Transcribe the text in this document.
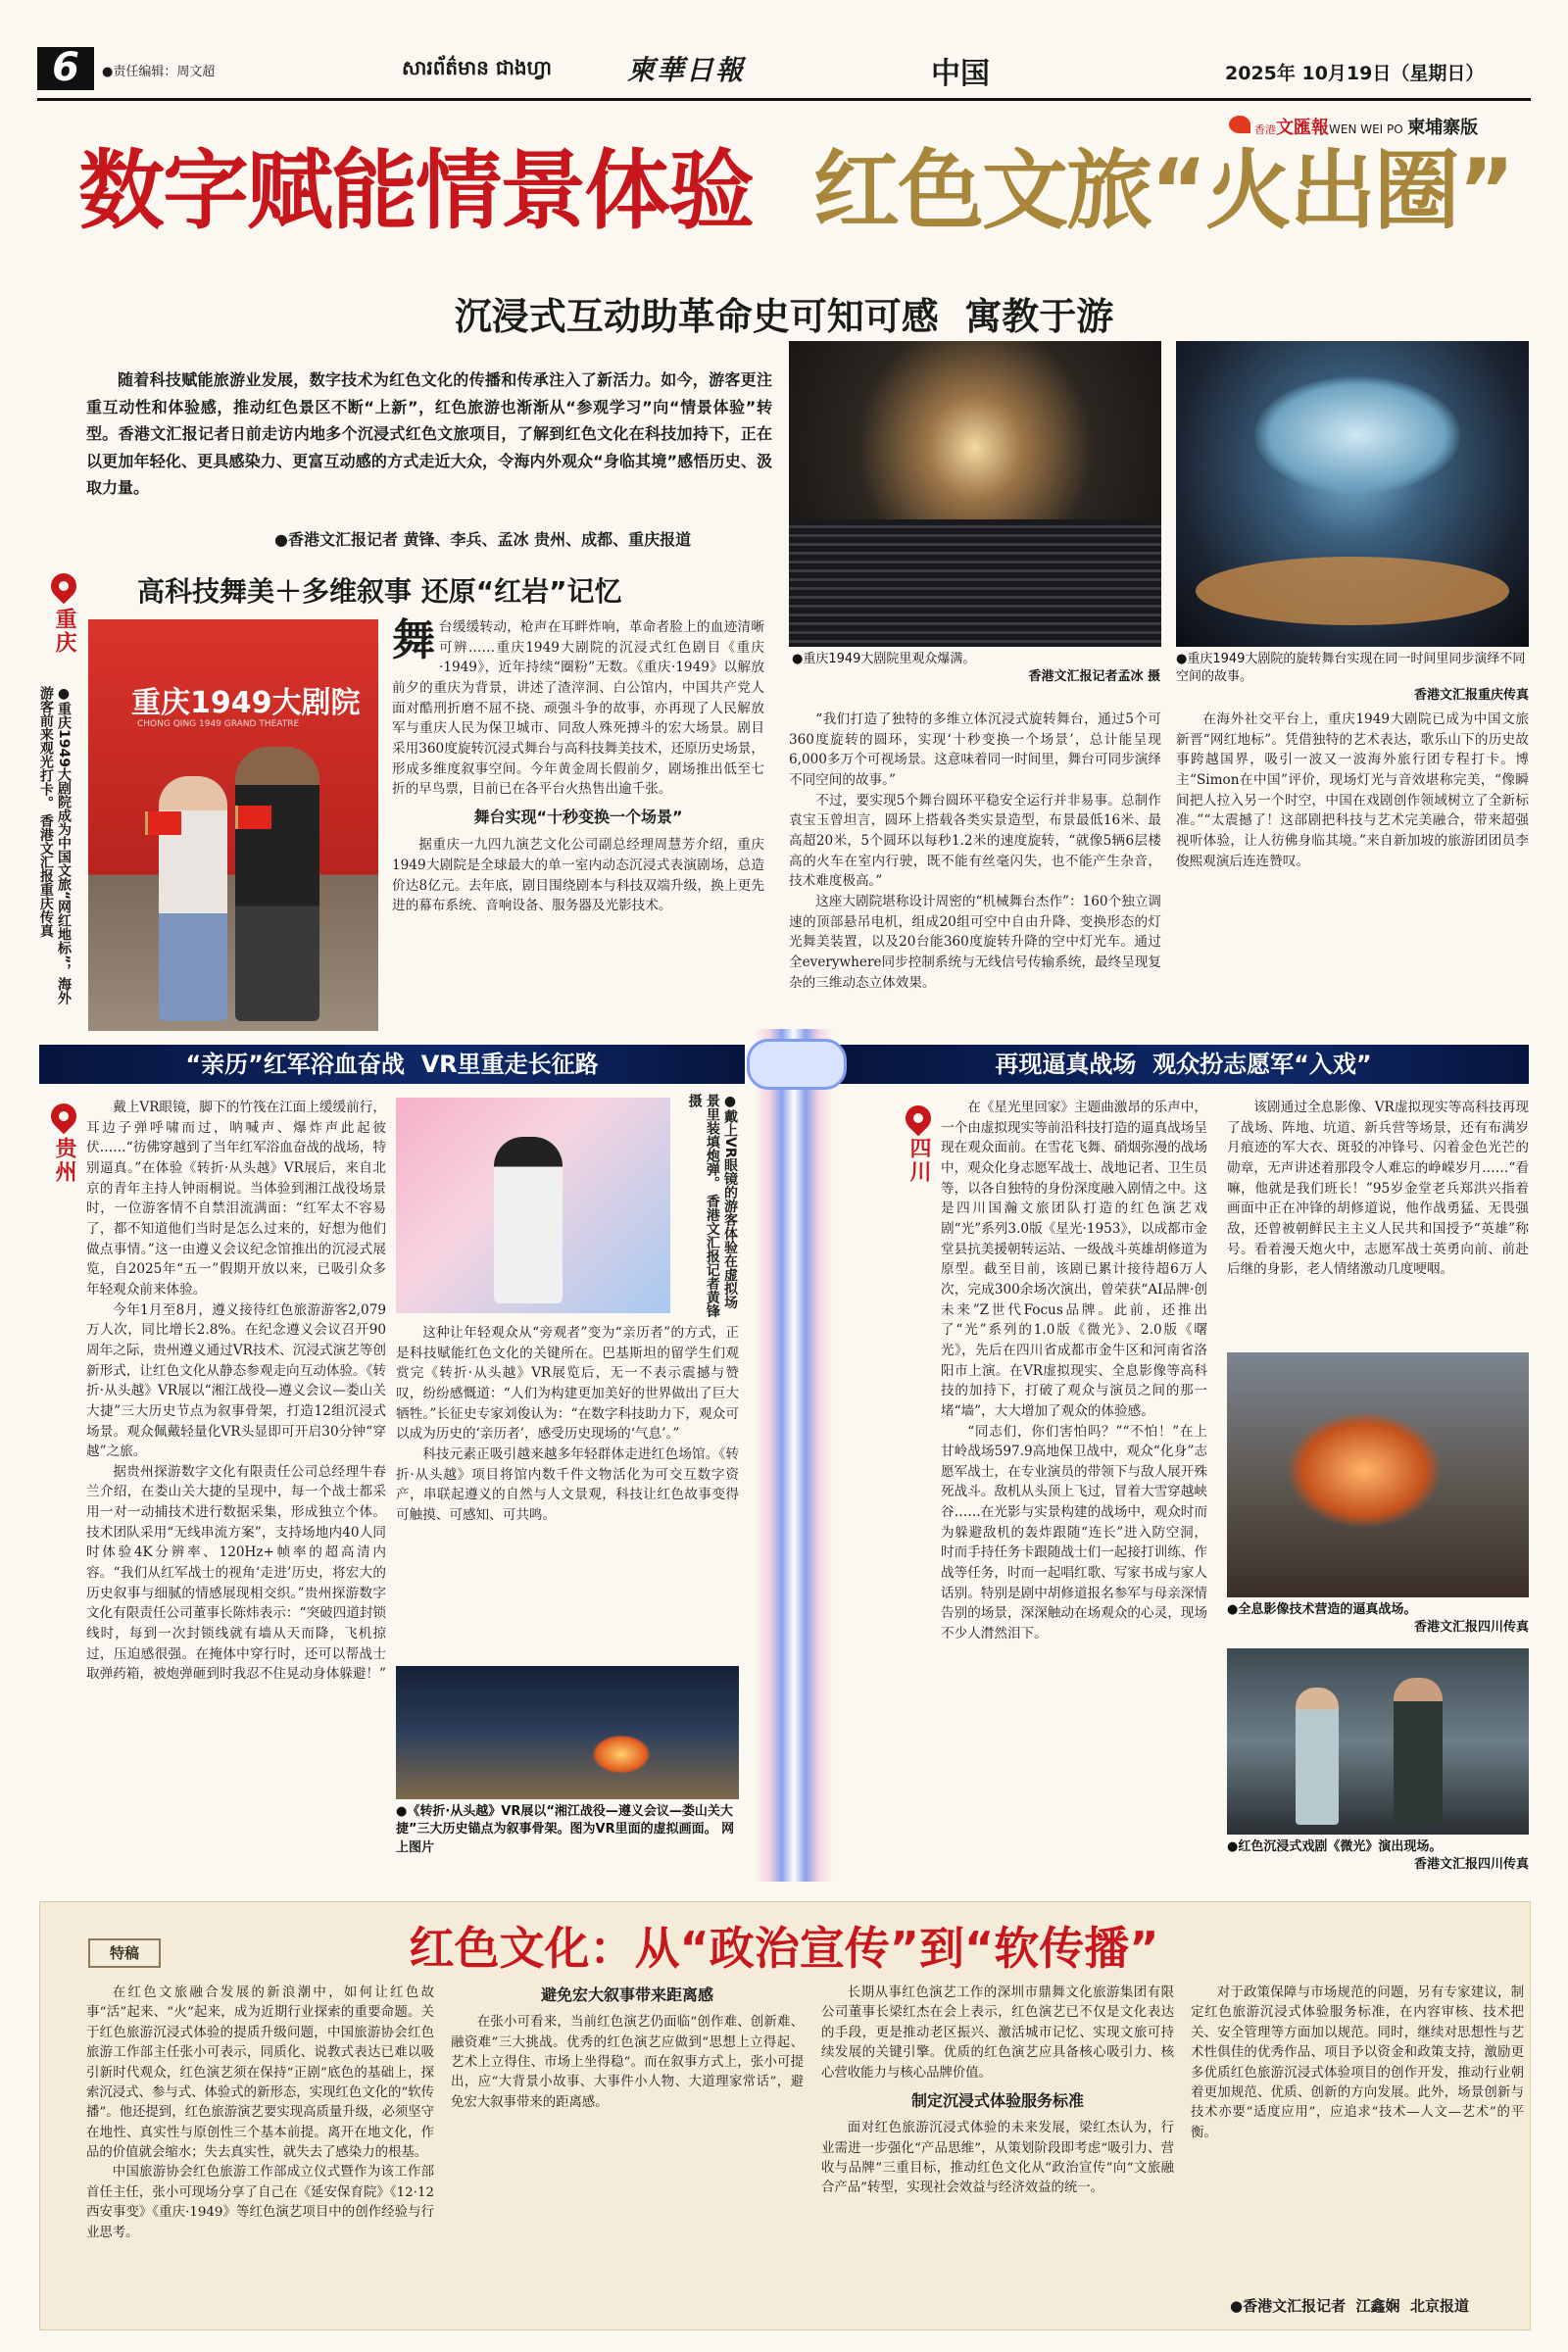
6	●责任编辑：周文超	សារព័ត៌មាន ជាងហ្វា	柬華日報	中国	2025年 10月19日（星期日）
香港文匯報WEN WEI PO 柬埔寨版
数字赋能情景体验 红色文旅“火出圈”
沉浸式互动助革命史可知可感  寓教于游
随着科技赋能旅游业发展，数字技术为红色文化的传播和传承注入了新活力。如今，游客更注重互动性和体验感，推动红色景区不断“上新”，红色旅游也渐渐从“参观学习”向“情景体验”转型。香港文汇报记者日前走访内地多个沉浸式红色文旅项目，了解到红色文化在科技加持下，正在以更加年轻化、更具感染力、更富互动感的方式走近大众，令海内外观众“身临其境”感悟历史、汲取力量。
●香港文汇报记者 黄锋、李兵、孟冰 贵州、成都、重庆报道
重庆
高科技舞美＋多维叙事 还原“红岩”记忆
重庆1949大剧院
CHONG QING 1949 GRAND THEATRE
●重庆1949大剧院成为中国文旅“网红地标”，海外游客前来观光打卡。 香港文汇报重庆传真

舞台缓缓转动，枪声在耳畔炸响，革命者脸上的血迹清晰可辨……重庆1949大剧院的沉浸式红色剧目《重庆·1949》，近年持续“圈粉”无数。《重庆·1949》以解放前夕的重庆为背景，讲述了渣滓洞、白公馆内，中国共产党人面对酷刑折磨不屈不挠、顽强斗争的故事，亦再现了人民解放军与重庆人民为保卫城市、同敌人殊死搏斗的宏大场景。剧目采用360度旋转沉浸式舞台与高科技舞美技术，还原历史场景，形成多维度叙事空间。今年黄金周长假前夕，剧场推出低至七折的早鸟票，目前已在各平台火热售出逾千张。

舞台实现“十秒变换一个场景”

据重庆一九四九演艺文化公司副总经理周慧芳介绍，重庆1949大剧院是全球最大的单一室内动态沉浸式表演剧场，总造价达8亿元。去年底，剧目围绕剧本与科技双端升级，换上更先进的幕布系统、音响设备、服务器及光影技术。

●重庆1949大剧院里观众爆满。
香港文汇报记者孟冰 摄
●重庆1949大剧院的旋转舞台实现在同一时间里同步演绎不同空间的故事。
香港文汇报重庆传真

“我们打造了独特的多维立体沉浸式旋转舞台，通过5个可360度旋转的圆环，实现‘十秒变换一个场景’，总计能呈现6,000多万个可视场景。这意味着同一时间里，舞台可同步演绎不同空间的故事。”

不过，要实现5个舞台圆环平稳安全运行并非易事。总制作袁宝玉曾坦言，圆环上搭载各类实景造型，布景最低16米、最高超20米，5个圆环以每秒1.2米的速度旋转，“就像5辆6层楼高的火车在室内行驶，既不能有丝毫闪失，也不能产生杂音，技术难度极高。”

这座大剧院堪称设计周密的“机械舞台杰作”：160个独立调速的顶部悬吊电机，组成20组可空中自由升降、变换形态的灯光舞美装置，以及20台能360度旋转升降的空中灯光车。通过全everywhere同步控制系统与无线信号传输系统，最终呈现复杂的三维动态立体效果。

在海外社交平台上，重庆1949大剧院已成为中国文旅新晋“网红地标”。凭借独特的艺术表达，歌乐山下的历史故事跨越国界，吸引一波又一波海外旅行团专程打卡。博主“Simon在中国”评价，现场灯光与音效堪称完美，“像瞬间把人拉入另一个时空，中国在戏剧创作领域树立了全新标准。”“太震撼了！这部剧把科技与艺术完美融合，带来超强视听体验，让人彷佛身临其境。”来自新加坡的旅游团团员李俊熙观演后连连赞叹。

“亲历”红军浴血奋战  VR里重走长征路	再现逼真战场  观众扮志愿军“入戏”
贵州

戴上VR眼镜，脚下的竹筏在江面上缓缓前行，耳边子弹呼啸而过，呐喊声、爆炸声此起彼伏……“彷佛穿越到了当年红军浴血奋战的战场，特别逼真。”在体验《转折·从头越》VR展后，来自北京的青年主持人钟雨桐说。当体验到湘江战役场景时，一位游客情不自禁泪流满面：“红军太不容易了，都不知道他们当时是怎么过来的，好想为他们做点事情。”这一由遵义会议纪念馆推出的沉浸式展览，自2025年“五一”假期开放以来，已吸引众多年轻观众前来体验。

今年1月至8月，遵义接待红色旅游游客2,079万人次，同比增长2.8%。在纪念遵义会议召开90周年之际，贵州遵义通过VR技术、沉浸式演艺等创新形式，让红色文化从静态参观走向互动体验。《转折·从头越》VR展以“湘江战役—遵义会议—娄山关大捷”三大历史节点为叙事骨架，打造12组沉浸式场景。观众佩戴轻量化VR头显即可开启30分钟“穿越”之旅。

据贵州探游数字文化有限责任公司总经理牛春兰介绍，在娄山关大捷的呈现中，每一个战士都采用一对一动捕技术进行数据采集，形成独立个体。技术团队采用“无线串流方案”，支持场地内40人同时体验4K分辨率、120Hz+帧率的超高清内容。“我们从红军战士的视角‘走进’历史，将宏大的历史叙事与细腻的情感展现相交织。”贵州探游数字文化有限责任公司董事长陈炜表示：“突破四道封锁线时，每到一次封锁线就有墙从天而降，飞机掠过，压迫感很强。在掩体中穿行时，还可以帮战士取弹药箱，被炮弹砸到时我忍不住晃动身体躲避！”

●戴上VR眼镜的游客体验在虚拟场景里装填炮弹。 香港文汇报记者黄锋 摄

这种让年轻观众从“旁观者”变为“亲历者”的方式，正是科技赋能红色文化的关键所在。巴基斯坦的留学生们观赏完《转折·从头越》VR展览后，无一不表示震撼与赞叹，纷纷感慨道：“人们为构建更加美好的世界做出了巨大牺牲。”长征史专家刘俊认为：“在数字科技助力下，观众可以成为历史的‘亲历者’，感受历史现场的‘气息’。”

科技元素正吸引越来越多年轻群体走进红色场馆。《转折·从头越》项目将馆内数千件文物活化为可交互数字资产，串联起遵义的自然与人文景观，科技让红色故事变得可触摸、可感知、可共鸣。

●《转折·从头越》VR展以“湘江战役—遵义会议—娄山关大捷”三大历史锚点为叙事骨架。图为VR里面的虚拟画面。 网上图片
四川

在《星光里回家》主题曲激昂的乐声中，一个由虚拟现实等前沿科技打造的逼真战场呈现在观众面前。在雪花飞舞、硝烟弥漫的战场中，观众化身志愿军战士、战地记者、卫生员等，以各自独特的身份深度融入剧情之中。这是四川国瀚文旅团队打造的红色演艺戏剧“光”系列3.0版《星光·1953》，以成都市金堂县抗美援朝转运站、一级战斗英雄胡修道为原型。截至目前，该剧已累计接待超6万人次，完成300余场次演出，曾荣获“AI品牌·创未来”Z世代Focus品牌。此前，还推出了“光”系列的1.0版《微光》、2.0版《曙光》，先后在四川省成都市金牛区和河南省洛阳市上演。在VR虚拟现实、全息影像等高科技的加持下，打破了观众与演员之间的那一堵“墙”，大大增加了观众的体验感。

“同志们，你们害怕吗？”“不怕！”在上甘岭战场597.9高地保卫战中，观众“化身”志愿军战士，在专业演员的带领下与敌人展开殊死战斗。敌机从头顶上飞过，冒着大雪穿越峡谷……在光影与实景构建的战场中，观众时而为躲避敌机的轰炸跟随“连长”进入防空洞，时而手持任务卡跟随战士们一起接打训练、作战等任务，时而一起唱红歌、写家书成与家人话别。特别是剧中胡修道报名参军与母亲深情告别的场景，深深触动在场观众的心灵，现场不少人潸然泪下。

该剧通过全息影像、VR虚拟现实等高科技再现了战场、阵地、坑道、新兵营等场景，还有布满岁月痕迹的军大衣、斑驳的冲锋号、闪着金色光芒的勋章，无声讲述着那段令人难忘的峥嵘岁月……“看嘛，他就是我们班长！”95岁金堂老兵郑洪兴指着画面中正在冲锋的胡修道说，他作战勇猛、无畏强敌，还曾被朝鲜民主主义人民共和国授予“英雄”称号。看着漫天炮火中，志愿军战士英勇向前、前赴后继的身影，老人情绪激动几度哽咽。

●全息影像技术营造的逼真战场。
香港文汇报四川传真
●红色沉浸式戏剧《微光》演出现场。
香港文汇报四川传真
特稿	红色文化：从“政治宣传”到“软传播”

在红色文旅融合发展的新浪潮中，如何让红色故事“活”起来、“火”起来，成为近期行业探索的重要命题。关于红色旅游沉浸式体验的提质升级问题，中国旅游协会红色旅游工作部主任张小可表示，同质化、说教式表达已难以吸引新时代观众，红色演艺须在保持“正剧”底色的基础上，探索沉浸式、参与式、体验式的新形态，实现红色文化的“软传播”。他还提到，红色旅游演艺要实现高质量升级，必须坚守在地性、真实性与原创性三个基本前提。离开在地文化，作品的价值就会缩水；失去真实性，就失去了感染力的根基。

中国旅游协会红色旅游工作部成立仪式暨作为该工作部首任主任，张小可现场分享了自己在《延安保育院》《12·12西安事变》《重庆·1949》等红色演艺项目中的创作经验与行业思考。

避免宏大叙事带来距离感

在张小可看来，当前红色演艺仍面临“创作难、创新难、融资难”三大挑战。优秀的红色演艺应做到“思想上立得起、艺术上立得住、市场上坐得稳”。而在叙事方式上，张小可提出，应“大背景小故事、大事件小人物、大道理家常话”，避免宏大叙事带来的距离感。

长期从事红色演艺工作的深圳市鼎舞文化旅游集团有限公司董事长梁红杰在会上表示，红色演艺已不仅是文化表达的手段，更是推动老区振兴、激活城市记忆、实现文旅可持续发展的关键引擎。优质的红色演艺应具备核心吸引力、核心营收能力与核心品牌价值。

制定沉浸式体验服务标准

面对红色旅游沉浸式体验的未来发展，梁红杰认为，行业需进一步强化“产品思维”，从策划阶段即考虑“吸引力、营收与品牌”三重目标，推动红色文化从“政治宣传”向“文旅融合产品”转型，实现社会效益与经济效益的统一。

对于政策保障与市场规范的问题，另有专家建议，制定红色旅游沉浸式体验服务标准，在内容审核、技术把关、安全管理等方面加以规范。同时，继续对思想性与艺术性俱佳的优秀作品、项目予以资金和政策支持，激励更多优质红色旅游沉浸式体验项目的创作开发，推动行业朝着更加规范、优质、创新的方向发展。此外，场景创新与技术亦要“适度应用”，应追求“技术—人文—艺术”的平衡。

●香港文汇报记者  江鑫娴  北京报道
